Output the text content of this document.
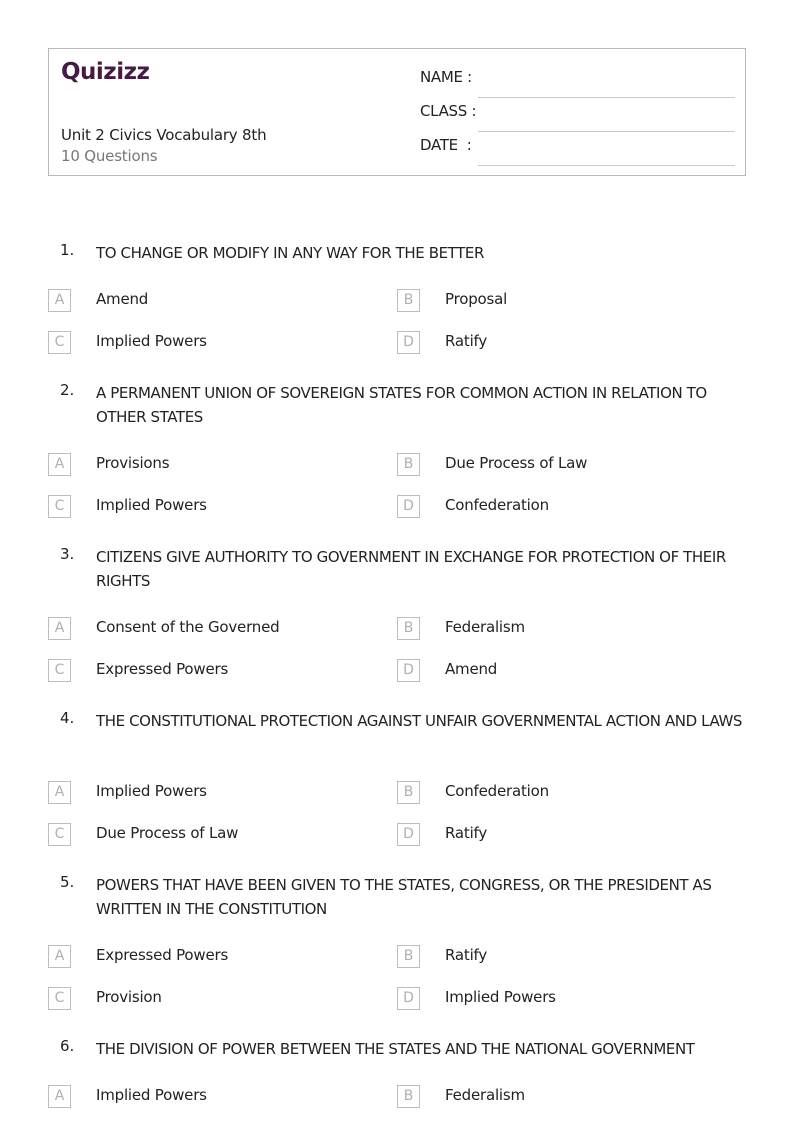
Quizizz
Unit 2 Civics Vocabulary 8th
10 Questions
NAME :
CLASS :
DATE  :
1. TO CHANGE OR MODIFY IN ANY WAY FOR THE BETTER
A	Amend	B	Proposal
C	Implied Powers	D	Ratify
2. A PERMANENT UNION OF SOVEREIGN STATES FOR COMMON ACTION IN RELATION TO OTHER STATES
A	Provisions	B	Due Process of Law
C	Implied Powers	D	Confederation
3. CITIZENS GIVE AUTHORITY TO GOVERNMENT IN EXCHANGE FOR PROTECTION OF THEIR RIGHTS
A	Consent of the Governed	B	Federalism
C	Expressed Powers	D	Amend
4. THE CONSTITUTIONAL PROTECTION AGAINST UNFAIR GOVERNMENTAL ACTION AND LAWS
A	Implied Powers	B	Confederation
C	Due Process of Law	D	Ratify
5. POWERS THAT HAVE BEEN GIVEN TO THE STATES, CONGRESS, OR THE PRESIDENT AS WRITTEN IN THE CONSTITUTION
A	Expressed Powers	B	Ratify
C	Provision	D	Implied Powers
6. THE DIVISION OF POWER BETWEEN THE STATES AND THE NATIONAL GOVERNMENT
A	Implied Powers	B	Federalism
